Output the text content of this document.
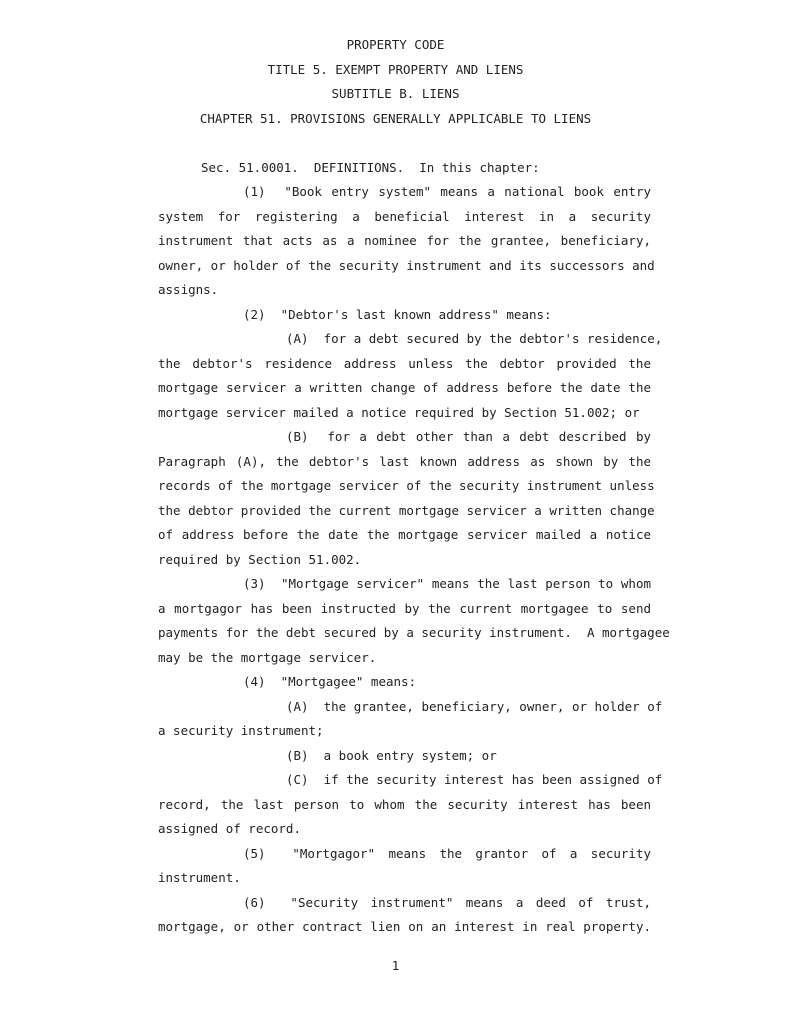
PROPERTY CODE
TITLE 5. EXEMPT PROPERTY AND LIENS
SUBTITLE B. LIENS
CHAPTER 51. PROVISIONS GENERALLY APPLICABLE TO LIENS
Sec. 51.0001.  DEFINITIONS.  In this chapter:
(1)  "Book entry system" means a national book entry
system for registering a beneficial interest in a security
instrument that acts as a nominee for the grantee, beneficiary,
owner, or holder of the security instrument and its successors and
assigns.
(2)  "Debtor's last known address" means:
(A)  for a debt secured by the debtor's residence,
the debtor's residence address unless the debtor provided the
mortgage servicer a written change of address before the date the
mortgage servicer mailed a notice required by Section 51.002; or
(B)  for a debt other than a debt described by
Paragraph (A), the debtor's last known address as shown by the
records of the mortgage servicer of the security instrument unless
the debtor provided the current mortgage servicer a written change
of address before the date the mortgage servicer mailed a notice
required by Section 51.002.
(3)  "Mortgage servicer" means the last person to whom
a mortgagor has been instructed by the current mortgagee to send
payments for the debt secured by a security instrument.  A mortgagee
may be the mortgage servicer.
(4)  "Mortgagee" means:
(A)  the grantee, beneficiary, owner, or holder of
a security instrument;
(B)  a book entry system; or
(C)  if the security interest has been assigned of
record, the last person to whom the security interest has been
assigned of record.
(5)  "Mortgagor" means the grantor of a security
instrument.
(6)  "Security instrument" means a deed of trust,
mortgage, or other contract lien on an interest in real property.
1
